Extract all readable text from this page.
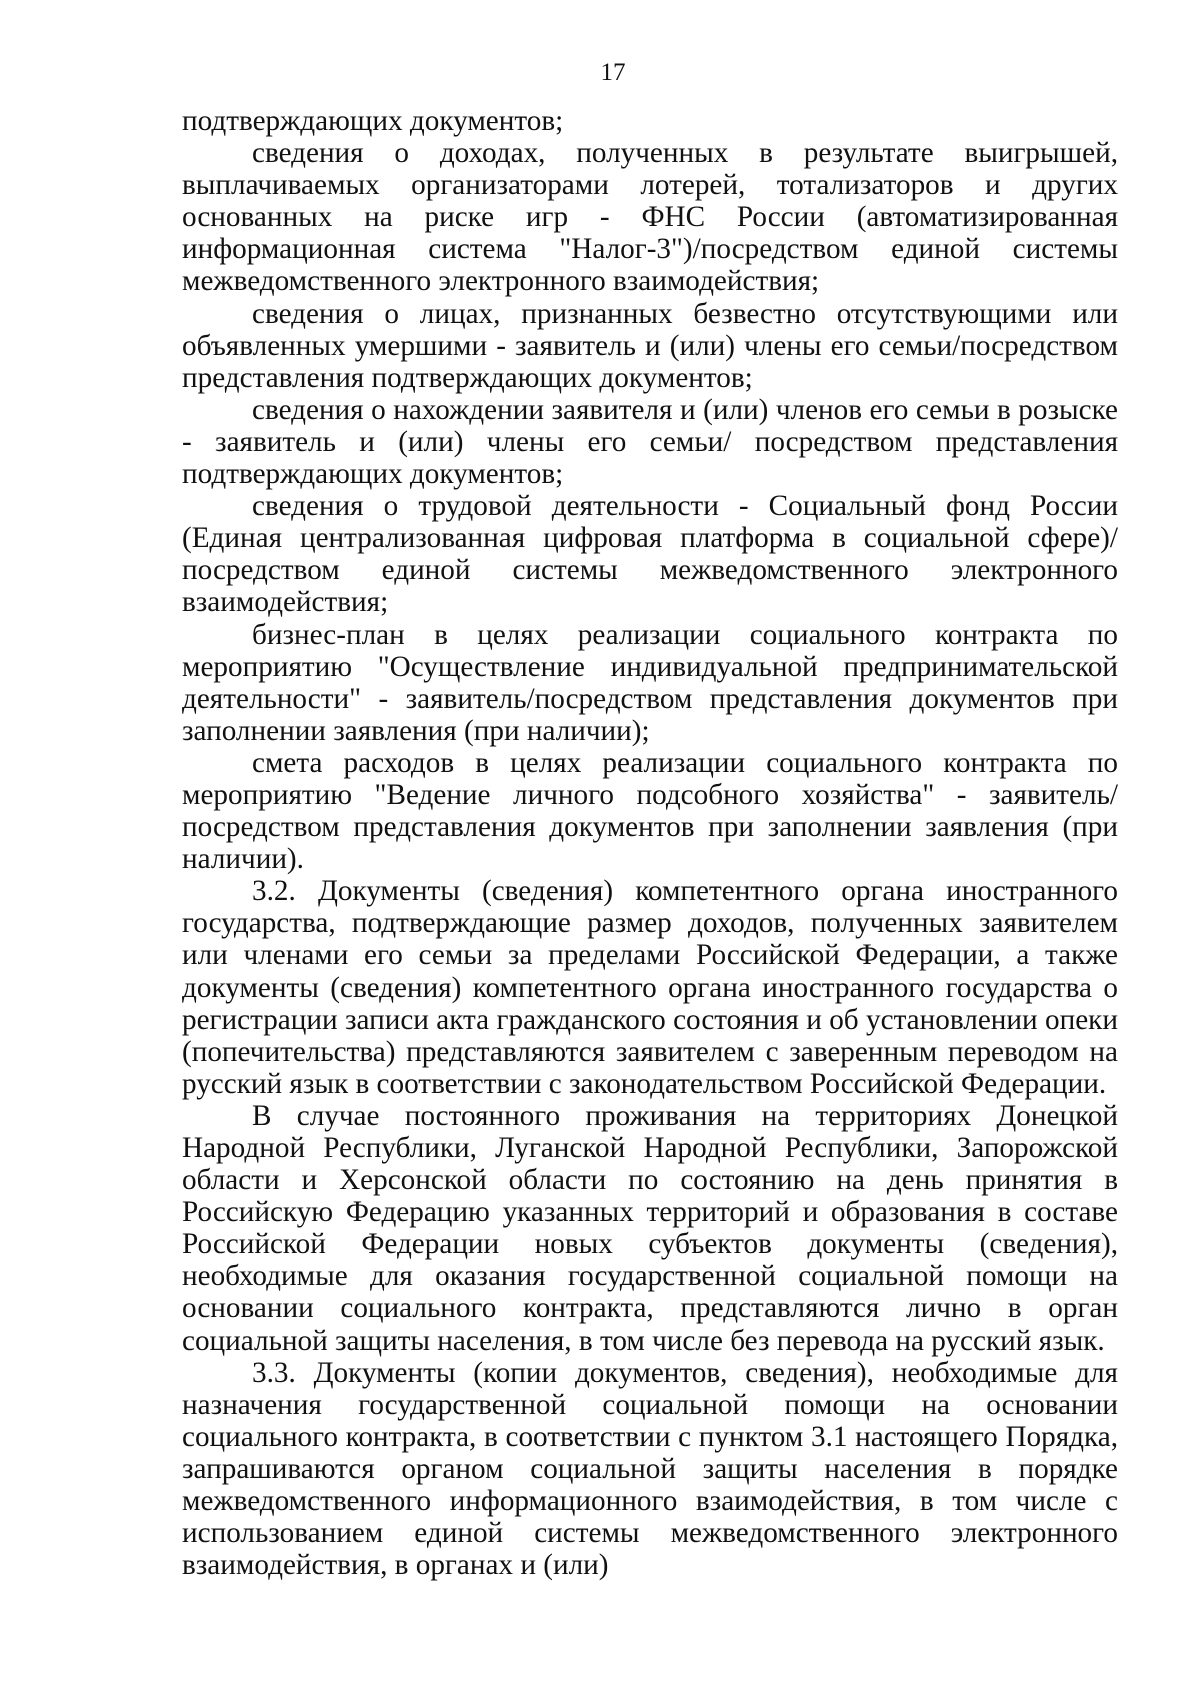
17

подтверждающих документов;

сведения о доходах, полученных в результате выигрышей, выплачиваемых организаторами лотерей, тотализаторов и других основанных на риске игр - ФНС России (автоматизированная информационная система "Налог-3")/посредством единой системы межведомственного электронного взаимодействия;

сведения о лицах, признанных безвестно отсутствующими или объявленных умершими - заявитель и (или) члены его семьи/посредством представления подтверждающих документов;

сведения о нахождении заявителя и (или) членов его семьи в розыске - заявитель и (или) члены его семьи/ посредством представления подтверждающих документов;

сведения о трудовой деятельности - Социальный фонд России (Единая централизованная цифровая платформа в социальной сфере)/посредством единой системы межведомственного электронного взаимодействия;

бизнес-план в целях реализации социального контракта по мероприятию "Осуществление индивидуальной предпринимательской деятельности" - заявитель/посредством представления документов при заполнении заявления (при наличии);

смета расходов в целях реализации социального контракта по мероприятию "Ведение личного подсобного хозяйства" - заявитель/посредством представления документов при заполнении заявления (при наличии).

3.2. Документы (сведения) компетентного органа иностранного государства, подтверждающие размер доходов, полученных заявителем или членами его семьи за пределами Российской Федерации, а также документы (сведения) компетентного органа иностранного государства о регистрации записи акта гражданского состояния и об установлении опеки (попечительства) представляются заявителем с заверенным переводом на русский язык в соответствии с законодательством Российской Федерации.

В случае постоянного проживания на территориях Донецкой Народной Республики, Луганской Народной Республики, Запорожской области и Херсонской области по состоянию на день принятия в Российскую Федерацию указанных территорий и образования в составе Российской Федерации новых субъектов документы (сведения), необходимые для оказания государственной социальной помощи на основании социального контракта, представляются лично в орган социальной защиты населения, в том числе без перевода на русский язык.

3.3. Документы (копии документов, сведения), необходимые для назначения государственной социальной помощи на основании социального контракта, в соответствии с пунктом 3.1 настоящего Порядка, запрашиваются органом социальной защиты населения в порядке межведомственного информационного взаимодействия, в том числе с использованием единой системы межведомственного электронного взаимодействия, в органах и (или)
